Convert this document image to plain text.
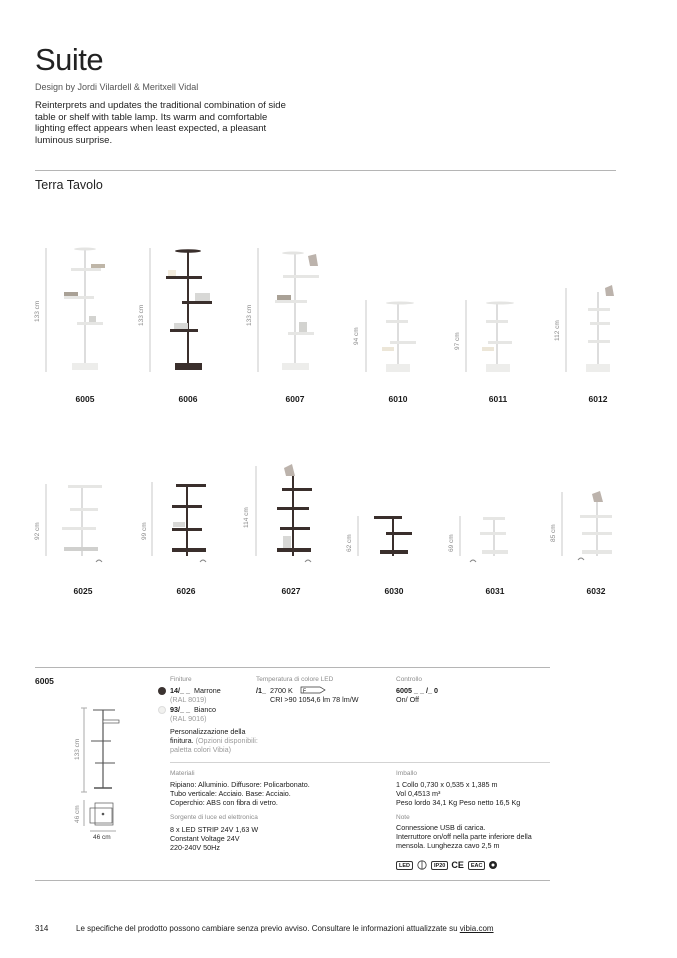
Suite
Design by Jordi Vilardell & Meritxell Vidal
Reinterprets and updates the traditional combination of side table or shelf with table lamp. Its warm and comfortable lighting effect appears when least expected, a pleasant luminous surprise.
Terra Tavolo
133 cm	133 cm	133 cm
94 cm	97 cm
112 cm
6005	6006	6007	6010	6011	6012
92 cm	99 cm
114 cm
62 cm	69 cm
85 cm
6025	6026	6027	6030	6031	6032
6005
133 cm
46 cm
46 cm
Finiture
14/_ _ Marrone
(RAL 8019)
93/_ _ Bianco
(RAL 9016)
Personalizzazione della finitura. (Opzioni disponibili: paletta colori Vibia)
Temperatura di colore LED
/1_ 2700 K F
CRI >90 1054,6 lm 78 lm/W
Controllo
6005 _ _ /_ 0
On/ Off
Materiali
Ripiano: Alluminio. Diffusore: Policarbonato.
Tubo verticale: Acciaio. Base: Acciaio.
Coperchio: ABS con fibra di vetro.
Sorgente di luce ed elettronica
8 x LED STRIP 24V 1,63 W
Constant Voltage 24V
220-240V 50Hz
Imballo
1 Collo 0,730 x 0,535 x 1,385 m
Vol 0,4513 m³
Peso lordo 34,1 Kg Peso netto 16,5 Kg
Note
Connessione USB di carica.
Interruttore on/off nella parte inferiore della mensola. Lunghezza cavo 2,5 m
LED	IP20 CE	EAC
314	Le specifiche del prodotto possono cambiare senza previo avviso. Consultare le informazioni attualizzate su vibia.com
